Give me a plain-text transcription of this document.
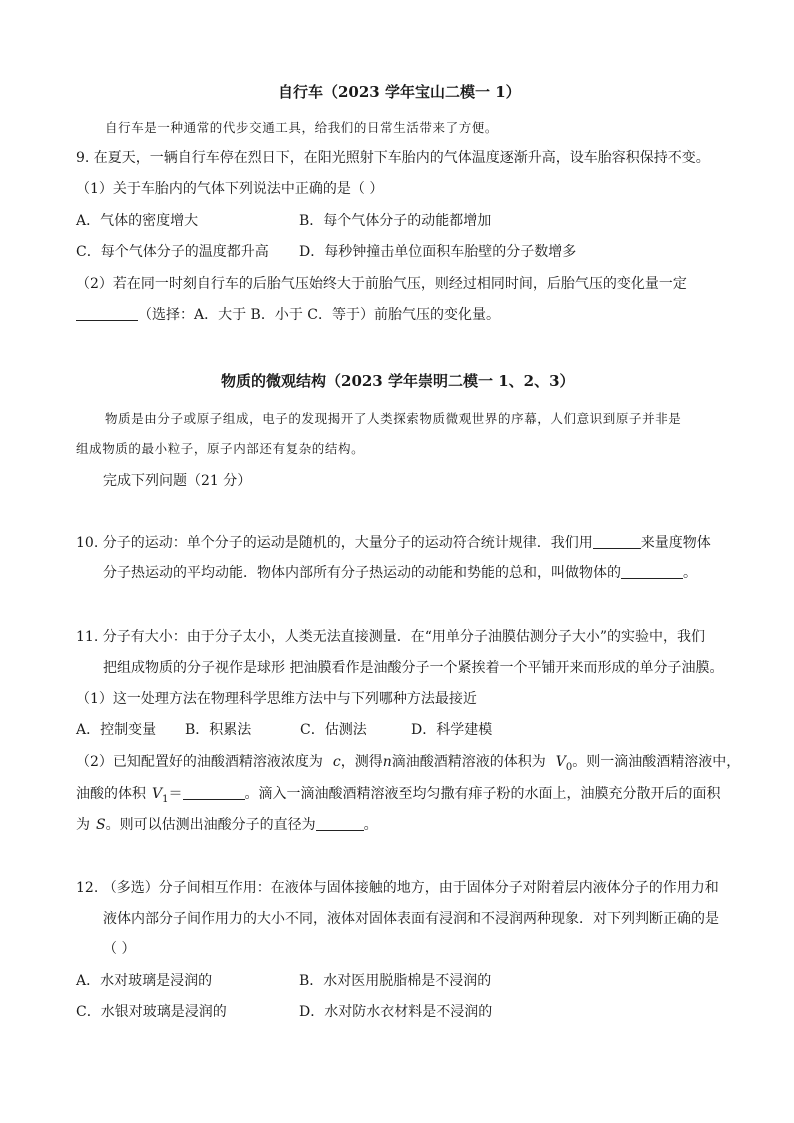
自行车（2023 学年宝山二模一 1）
自行车是一种通常的代步交通工具，给我们的日常生活带来了方便。
9. 在夏天，一辆自行车停在烈日下，在阳光照射下车胎内的气体温度逐渐升高，设车胎容积保持不变。
（1）关于车胎内的气体下列说法中正确的是（ ）
A．气体的密度增大	B．每个气体分子的动能都增加
C．每个气体分子的温度都升高 D．每秒钟撞击单位面积车胎壁的分子数增多
（2）若在同一时刻自行车的后胎气压始终大于前胎气压，则经过相同时间，后胎气压的变化量一定
（选择：A．大于 B．小于 C．等于）前胎气压的变化量。
物质的微观结构（2023 学年崇明二模一 1、2、3）
物质是由分子或原子组成，电子的发现揭开了人类探索物质微观世界的序幕，人们意识到原子并非是
组成物质的最小粒子，原子内部还有复杂的结构。
完成下列问题（21 分）
10. 分子的运动：单个分子的运动是随机的，大量分子的运动符合统计规律．我们用	来量度物体
分子热运动的平均动能．物体内部所有分子热运动的动能和势能的总和，叫做物体的	。
11. 分子有大小：由于分子太小，人类无法直接测量．在“用单分子油膜估测分子大小”的实验中，我们
把组成物质的分子视作是球形 把油膜看作是油酸分子一个紧挨着一个平铺开来而形成的单分子油膜。
（1）这一处理方法在物理科学思维方法中与下列哪种方法最接近
A．控制变量 B．积累法	C．估测法	D．科学建模
（2）已知配置好的油酸酒精溶液浓度为 c，测得n滴油酸酒精溶液的体积为 $V_0$。则一滴油酸酒精溶液中，
油酸的体积 $V_1=$	。滴入一滴油酸酒精溶液至均匀撒有痱子粉的水面上，油膜充分散开后的面积
为 S。则可以估测出油酸分子的直径为	。
12. （多选）分子间相互作用：在液体与固体接触的地方，由于固体分子对附着层内液体分子的作用力和
液体内部分子间作用力的大小不同，液体对固体表面有浸润和不浸润两种现象．对下列判断正确的是
（ ）
A．水对玻璃是浸润的	B．水对医用脱脂棉是不浸润的
C．水银对玻璃是浸润的	D．水对防水衣材料是不浸润的
